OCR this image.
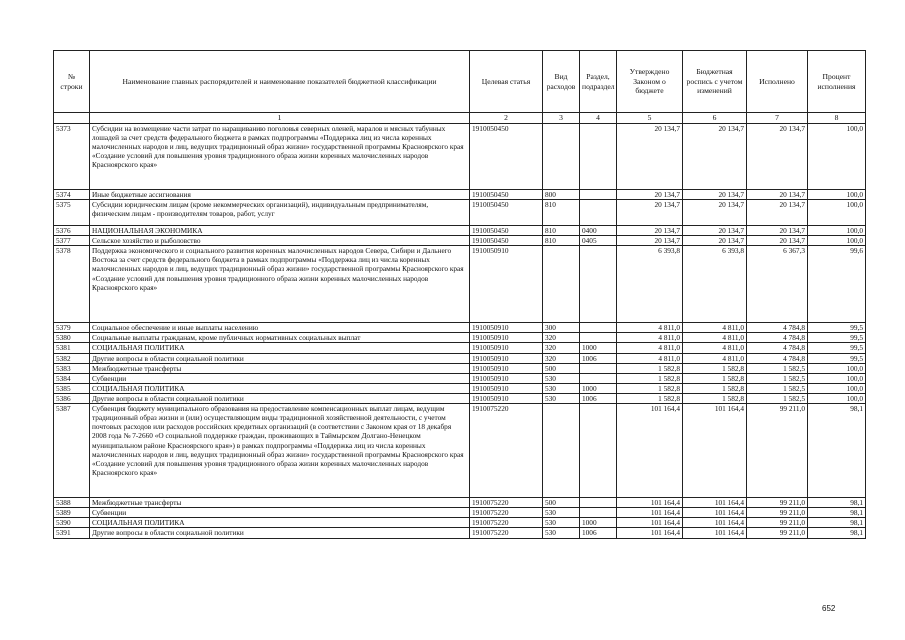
№ строки	Наименование главных распорядителей и наименование показателей бюджетной классификации	Целевая статья	Вид расходов	Раздел, подраздел	Утверждено Законом о бюджете	Бюджетная роспись с учетом изменений	Исполнено	Процент исполнения
	1	2	3	4	5	6	7	8
5373	Субсидии на возмещение части затрат по наращиванию поголовья северных оленей, маралов и мясных табунных лошадей за счет средств федерального бюджета в рамках подпрограммы «Поддержка лиц из числа коренных малочисленных народов и лиц, ведущих традиционный образ жизни» государственной программы Красноярского края «Создание условий для повышения уровня традиционного образа жизни коренных малочисленных народов Красноярского края»	1910050450			20 134,7	20 134,7	20 134,7	100,0
5374	Иные бюджетные ассигнования	1910050450	800		20 134,7	20 134,7	20 134,7	100,0
5375	Субсидии юридическим лицам (кроме некоммерческих организаций), индивидуальным предпринимателям, физическим лицам - производителям товаров, работ, услуг	1910050450	810		20 134,7	20 134,7	20 134,7	100,0
5376	НАЦИОНАЛЬНАЯ ЭКОНОМИКА	1910050450	810	0400	20 134,7	20 134,7	20 134,7	100,0
5377	Сельское хозяйство и рыболовство	1910050450	810	0405	20 134,7	20 134,7	20 134,7	100,0
5378	Поддержка экономического и социального развития коренных малочисленных народов Севера, Сибири и Дальнего Востока за счет средств федерального бюджета в рамках подпрограммы «Поддержка лиц из числа коренных малочисленных народов и лиц, ведущих традиционный образ жизни» государственной программы Красноярского края «Создание условий для повышения уровня традиционного образа жизни коренных малочисленных народов Красноярского края»	1910050910			6 393,8	6 393,8	6 367,3	99,6
5379	Социальное обеспечение и иные выплаты населению	1910050910	300		4 811,0	4 811,0	4 784,8	99,5
5380	Социальные выплаты гражданам, кроме публичных нормативных социальных выплат	1910050910	320		4 811,0	4 811,0	4 784,8	99,5
5381	СОЦИАЛЬНАЯ ПОЛИТИКА	1910050910	320	1000	4 811,0	4 811,0	4 784,8	99,5
5382	Другие вопросы в области социальной политики	1910050910	320	1006	4 811,0	4 811,0	4 784,8	99,5
5383	Межбюджетные трансферты	1910050910	500		1 582,8	1 582,8	1 582,5	100,0
5384	Субвенции	1910050910	530		1 582,8	1 582,8	1 582,5	100,0
5385	СОЦИАЛЬНАЯ ПОЛИТИКА	1910050910	530	1000	1 582,8	1 582,8	1 582,5	100,0
5386	Другие вопросы в области социальной политики	1910050910	530	1006	1 582,8	1 582,8	1 582,5	100,0
5387	Субвенция бюджету муниципального образования на предоставление компенсационных выплат лицам, ведущим традиционный образ жизни и (или) осуществляющим виды традиционной хозяйственной деятельности, с учетом почтовых расходов или расходов российских кредитных организаций (в соответствии с Законом края от 18 декабря 2008 года № 7-2660 «О социальной поддержке граждан, проживающих в Таймырском Долгано-Ненецком муниципальном районе Красноярского края») в рамках подпрограммы «Поддержка лиц из числа коренных малочисленных народов и лиц, ведущих традиционный образ жизни» государственной программы Красноярского края «Создание условий для повышения уровня традиционного образа жизни коренных малочисленных народов Красноярского края»	1910075220			101 164,4	101 164,4	99 211,0	98,1
5388	Межбюджетные трансферты	1910075220	500		101 164,4	101 164,4	99 211,0	98,1
5389	Субвенции	1910075220	530		101 164,4	101 164,4	99 211,0	98,1
5390	СОЦИАЛЬНАЯ ПОЛИТИКА	1910075220	530	1000	101 164,4	101 164,4	99 211,0	98,1
5391	Другие вопросы в области социальной политики	1910075220	530	1006	101 164,4	101 164,4	99 211,0	98,1
652
